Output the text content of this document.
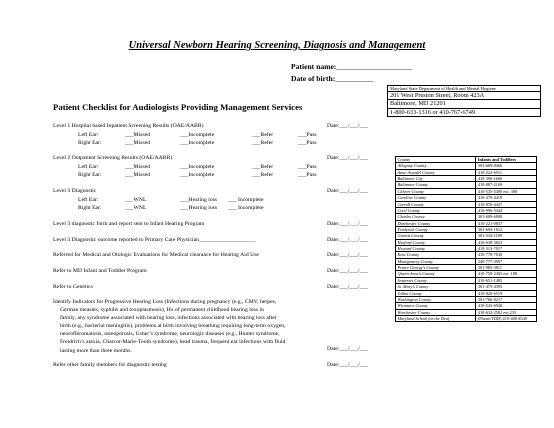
Universal Newborn Hearing Screening, Diagnosis and Management
Patient name:____________________
Date of birth:__________
Patient Checklist for Audiologists Providing Management Services
Maryland State Department of Health and Mental Hygiene
201 West Preston Street, Room 423A
Baltimore, MD 21201
1-800-633-1316 or 410-767-6749
Level 1 Hospital based Inpatient Screening Results (OAE/AABR)	Date:___/___/___
Left Ear:	___Missed	___Incomplete	___Refer	___Pass
Right Ear:	___Missed	___Incomplete	___Refer	___Pass
Level 2 Outpatient Screening Results (OAE/AABR)	Date:___/___/___
Left Ear:	___Missed	___Incomplete	___Refer	___Pass
Right Ear:	___Missed	___Incomplete	___Refer	___Pass
Level 3 Diagnostic	Date:___/___/___
Left Ear:	___WNL	___Hearing loss ___ Incomplete
Right Ear:	___WNL	___Hearing loss ___ Incomplete
Level 3 diagnostic form and report sent to Infant Hearing Program	Date:___/___/___
Level 3 Diagnostic outcome reported to Primary Care Physician____________________	Date:___/___/___
Referred for Medical and Otologic Evaluations for Medical clearance for Hearing Aid Use	Date:___/___/___
Refer to MD Infant and Toddler Program	Date:___/___/___
Refer to Genetics	Date:___/___/___
Identify Indicators for Progressive Hearing Loss (Infections during pregnancy (e.g., CMV, herpes,
German measles, syphilis and toxoplasmosis), Hx of permanent childhood hearing loss in
family, any syndrome associated with hearing loss, infections associated with hearing loss after
birth (e.g., bacterial meningitis), problems at birth involving breathing requiring long-term oxygen,
neurofibromatosis, osteoporosis, Usher’s syndrome, neurologic diseases (e.g., Hunter syndrome,
Freidrich’s ataxia, Charcot-Marie-Tooth syndrome), head trauma, frequent ear infections with fluid
lasting more than three months.	Date:___/___/___
Refer other family members for diagnostic testing	Date:___/___/___
County	Infants and Toddlers
Allegany County	301-689-8466
Anne Arundel County	410-222-6911
Baltimore City	410-396-1666
Baltimore County	410-887-2169
Calvert County	410-535-5400 ext. 388
Caroline County	410-479-4419
Carroll County	410-876-4437
Cecil County	410-996-5444
Charles County	301-609-6808
Dorchester County	410-221-0837
Frederick County	301-694-1612
Garrett County	301-334-1189
Harford County	410-638-3823
Howard County	410-313-7017
Kent County	410-778-7038
Montgomery County	240-777-3997
Prince George’s County	301-985-3811
Queen Anne’s County	410-758-2403 ext. 188
Somerset County	410-651-1485
St. Mary’s County	301-475-4393
Talbot County	410-820-6519
Washington County	301-766-8217
Wicomico County	410-543-6920
Worchester County	410-632-2582 ext.233
Maryland School for the Deaf	(Phone/TDD) 410-480-4540
